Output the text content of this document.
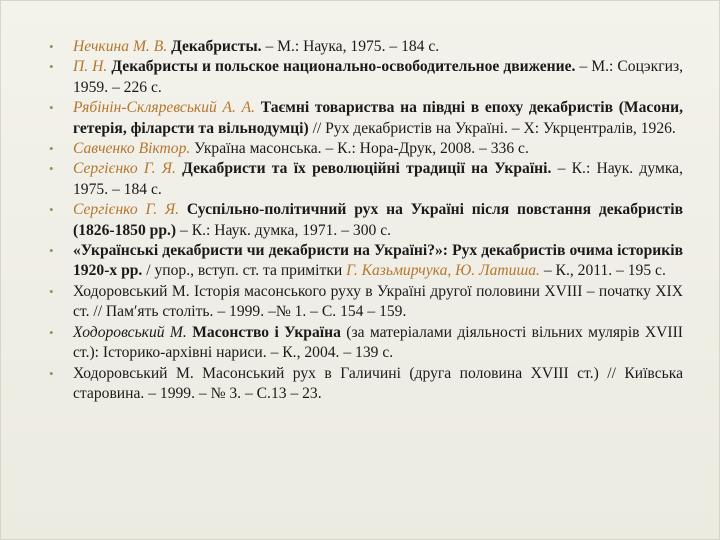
• Нечкина М. В. Декабристы. – М.: Наука, 1975. – 184 с.
• П. Н. Декабристы и польское национально-освободительное движение. – М.: Соцэкгиз, 1959. – 226 с.
• Рябінін-Скляревський А. А. Таємні товариства на півдні в епоху декабристів (Масони, гетерія, філарсти та вільнодумці) // Рух декабристів на Україні. – Х: Укрцентралів, 1926.
• Савченко Віктор. Україна масонська. – К.: Нора-Друк, 2008. – 336 с.
• Сергієнко Г. Я. Декабристи та їх революційні традиції на Україні. – К.: Наук. думка, 1975. – 184 с.
• Сергієнко Г. Я. Суспільно-політичний рух на Україні після повстання декабристів (1826-1850 рр.) – К.: Наук. думка, 1971. – 300 с.
• «Українські декабристи чи декабристи на Україні?»: Рух декабристів очима істориків 1920-х рр. / упор., вступ. ст. та примітки Г. Казьмирчука, Ю. Латиша. – К., 2011. – 195 с.
• Ходоровський М. Історія масонського руху в Україні другої половини XVIII – початку XIX ст. // Пам′ять століть. – 1999. –№ 1. – С. 154 – 159.
• Ходоровський М. Масонство і Україна (за матеріалами діяльності вільних мулярів XVIII ст.): Історико-архівні нариси. – К., 2004. – 139 с.
• Ходоровський М. Масонський рух в Галичині (друга половина XVIII ст.) // Київська старовина. – 1999. – № 3. – С.13 – 23.
